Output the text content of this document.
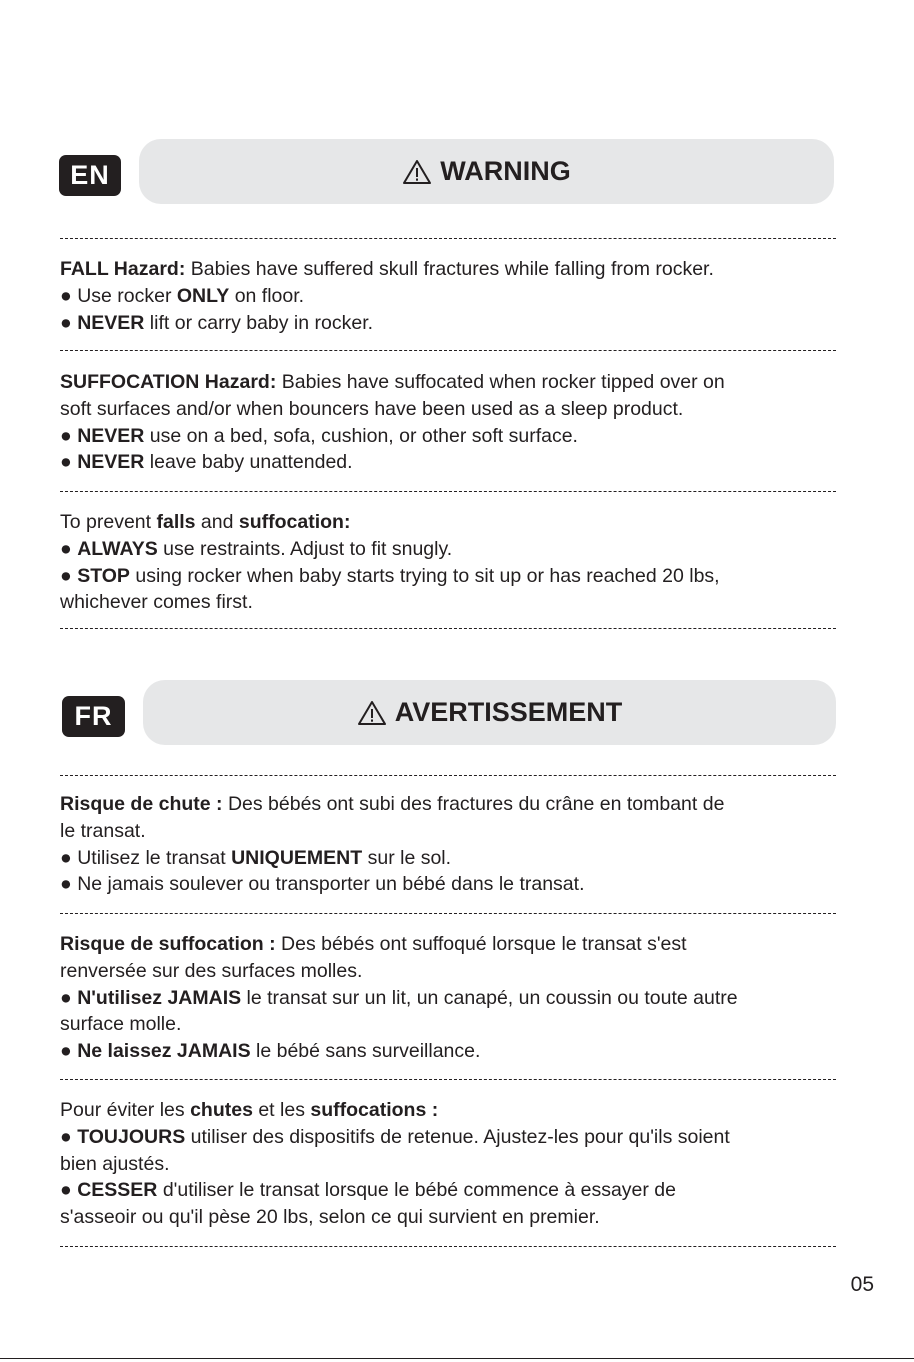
EN	WARNING

FALL Hazard: Babies have suffered skull fractures while falling from rocker.

● Use rocker ONLY on floor.

● NEVER lift or carry baby in rocker.

SUFFOCATION Hazard: Babies have suffocated when rocker tipped over on

soft surfaces and/or when bouncers have been used as a sleep product.

● NEVER use on a bed, sofa, cushion, or other soft surface.

● NEVER leave baby unattended.

To prevent falls and suffocation:

● ALWAYS use restraints. Adjust to fit snugly.

● STOP using rocker when baby starts trying to sit up or has reached 20 lbs,

whichever comes first.

FR	AVERTISSEMENT

Risque de chute : Des bébés ont subi des fractures du crâne en tombant de

le transat.

● Utilisez le transat UNIQUEMENT sur le sol.

● Ne jamais soulever ou transporter un bébé dans le transat.

Risque de suffocation : Des bébés ont suffoqué lorsque le transat s'est

renversée sur des surfaces molles.

● N'utilisez JAMAIS le transat sur un lit, un canapé, un coussin ou toute autre

surface molle.

● Ne laissez JAMAIS le bébé sans surveillance.

Pour éviter les chutes et les suffocations :

● TOUJOURS utiliser des dispositifs de retenue. Ajustez-les pour qu'ils soient

bien ajustés.

● CESSER d'utiliser le transat lorsque le bébé commence à essayer de

s'asseoir ou qu'il pèse 20 lbs, selon ce qui survient en premier.

05
